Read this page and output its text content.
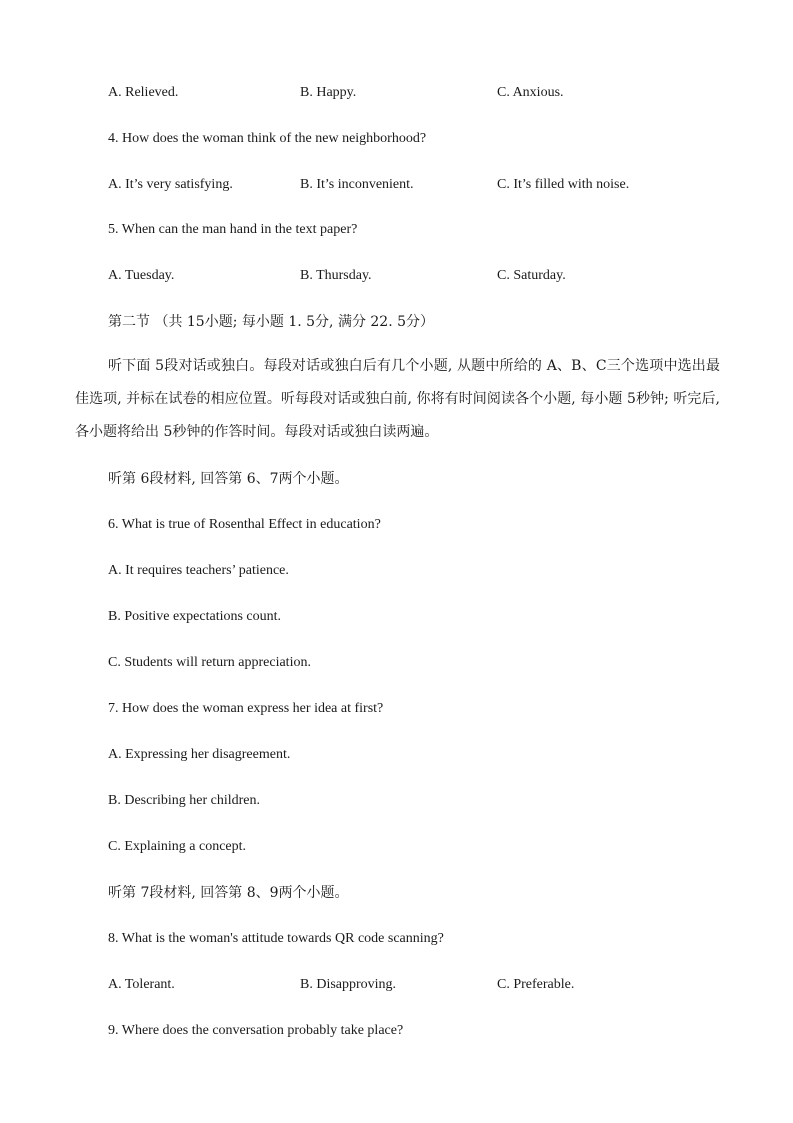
A. Relieved.	B. Happy.	C. Anxious.
4. How does the woman think of the new neighborhood?
A. It’s very satisfying.	B. It’s inconvenient.	C. It’s filled with noise.
5. When can the man hand in the text paper?
A. Tuesday.	B. Thursday.	C. Saturday.
第二节 （共 15小题; 每小题 1. 5分, 满分 22. 5分）
听下面 5段对话或独白。每段对话或独白后有几个小题, 从题中所给的 A、B、C三个选项中选出最佳选项, 并标在试卷的相应位置。听每段对话或独白前, 你将有时间阅读各个小题, 每小题 5秒钟; 听完后, 各小题将给出 5秒钟的作答时间。每段对话或独白读两遍。
听第 6段材料, 回答第 6、7两个小题。
6. What is true of Rosenthal Effect in education?
A. It requires teachers’ patience.
B. Positive expectations count.
C. Students will return appreciation.
7. How does the woman express her idea at first?
A. Expressing her disagreement.
B. Describing her children.
C. Explaining a concept.
听第 7段材料, 回答第 8、9两个小题。
8. What is the woman's attitude towards QR code scanning?
A. Tolerant.	B. Disapproving.	C. Preferable.
9. Where does the conversation probably take place?
